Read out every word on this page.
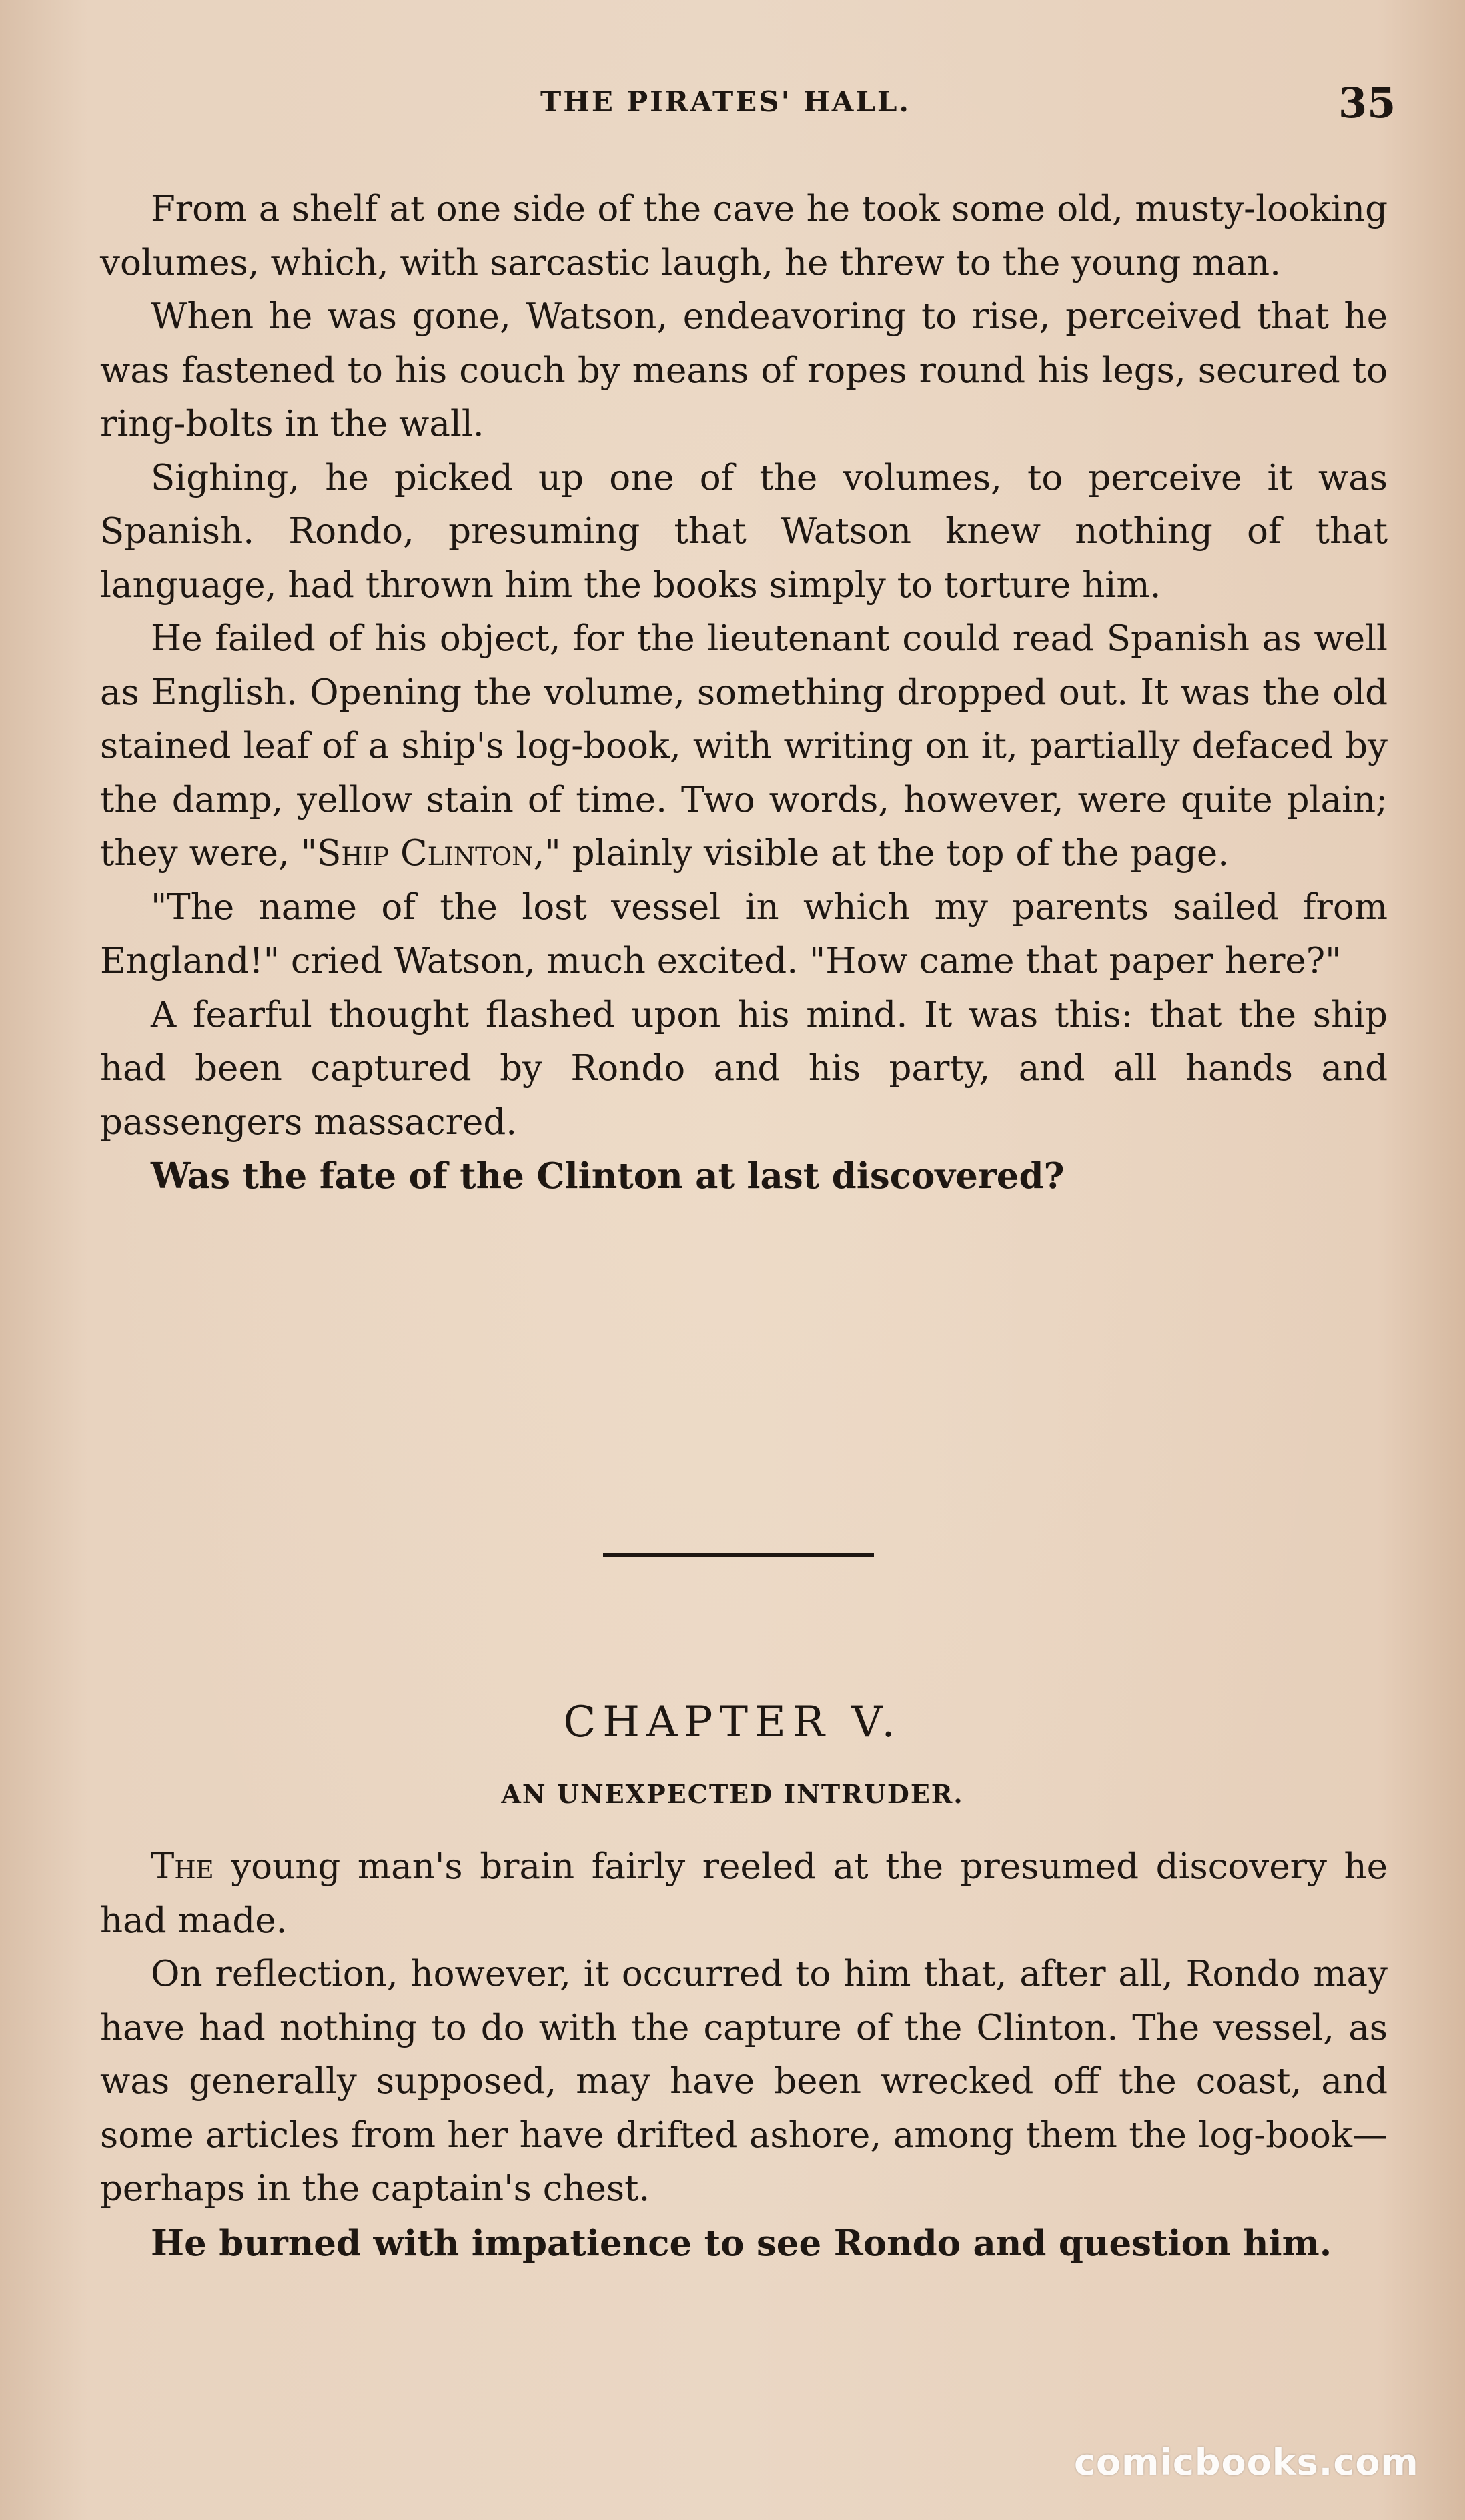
THE PIRATES' HALL.	35

From a shelf at one side of the cave he took some old, musty-looking volumes, which, with sarcastic laugh, he threw to the young man.

When he was gone, Watson, endeavoring to rise, perceived that he was fastened to his couch by means of ropes round his legs, secured to ring-bolts in the wall.

Sighing, he picked up one of the volumes, to perceive it was Spanish. Rondo, presuming that Watson knew nothing of that language, had thrown him the books simply to torture him.

He failed of his object, for the lieutenant could read Spanish as well as English. Opening the volume, something dropped out. It was the old stained leaf of a ship's log-book, with writing on it, partially defaced by the damp, yellow stain of time. Two words, however, were quite plain; they were, "Ship Clinton," plainly visible at the top of the page.

"The name of the lost vessel in which my parents sailed from England!" cried Watson, much excited. "How came that paper here?"

A fearful thought flashed upon his mind. It was this: that the ship had been captured by Rondo and his party, and all hands and passengers massacred.

Was the fate of the Clinton at last discovered?

CHAPTER V.
AN UNEXPECTED INTRUDER.

The young man's brain fairly reeled at the presumed discovery he had made.

On reflection, however, it occurred to him that, after all, Rondo may have had nothing to do with the capture of the Clinton. The vessel, as was generally supposed, may have been wrecked off the coast, and some articles from her have drifted ashore, among them the log-book—perhaps in the captain's chest.

He burned with impatience to see Rondo and question him.

comicbooks.com
